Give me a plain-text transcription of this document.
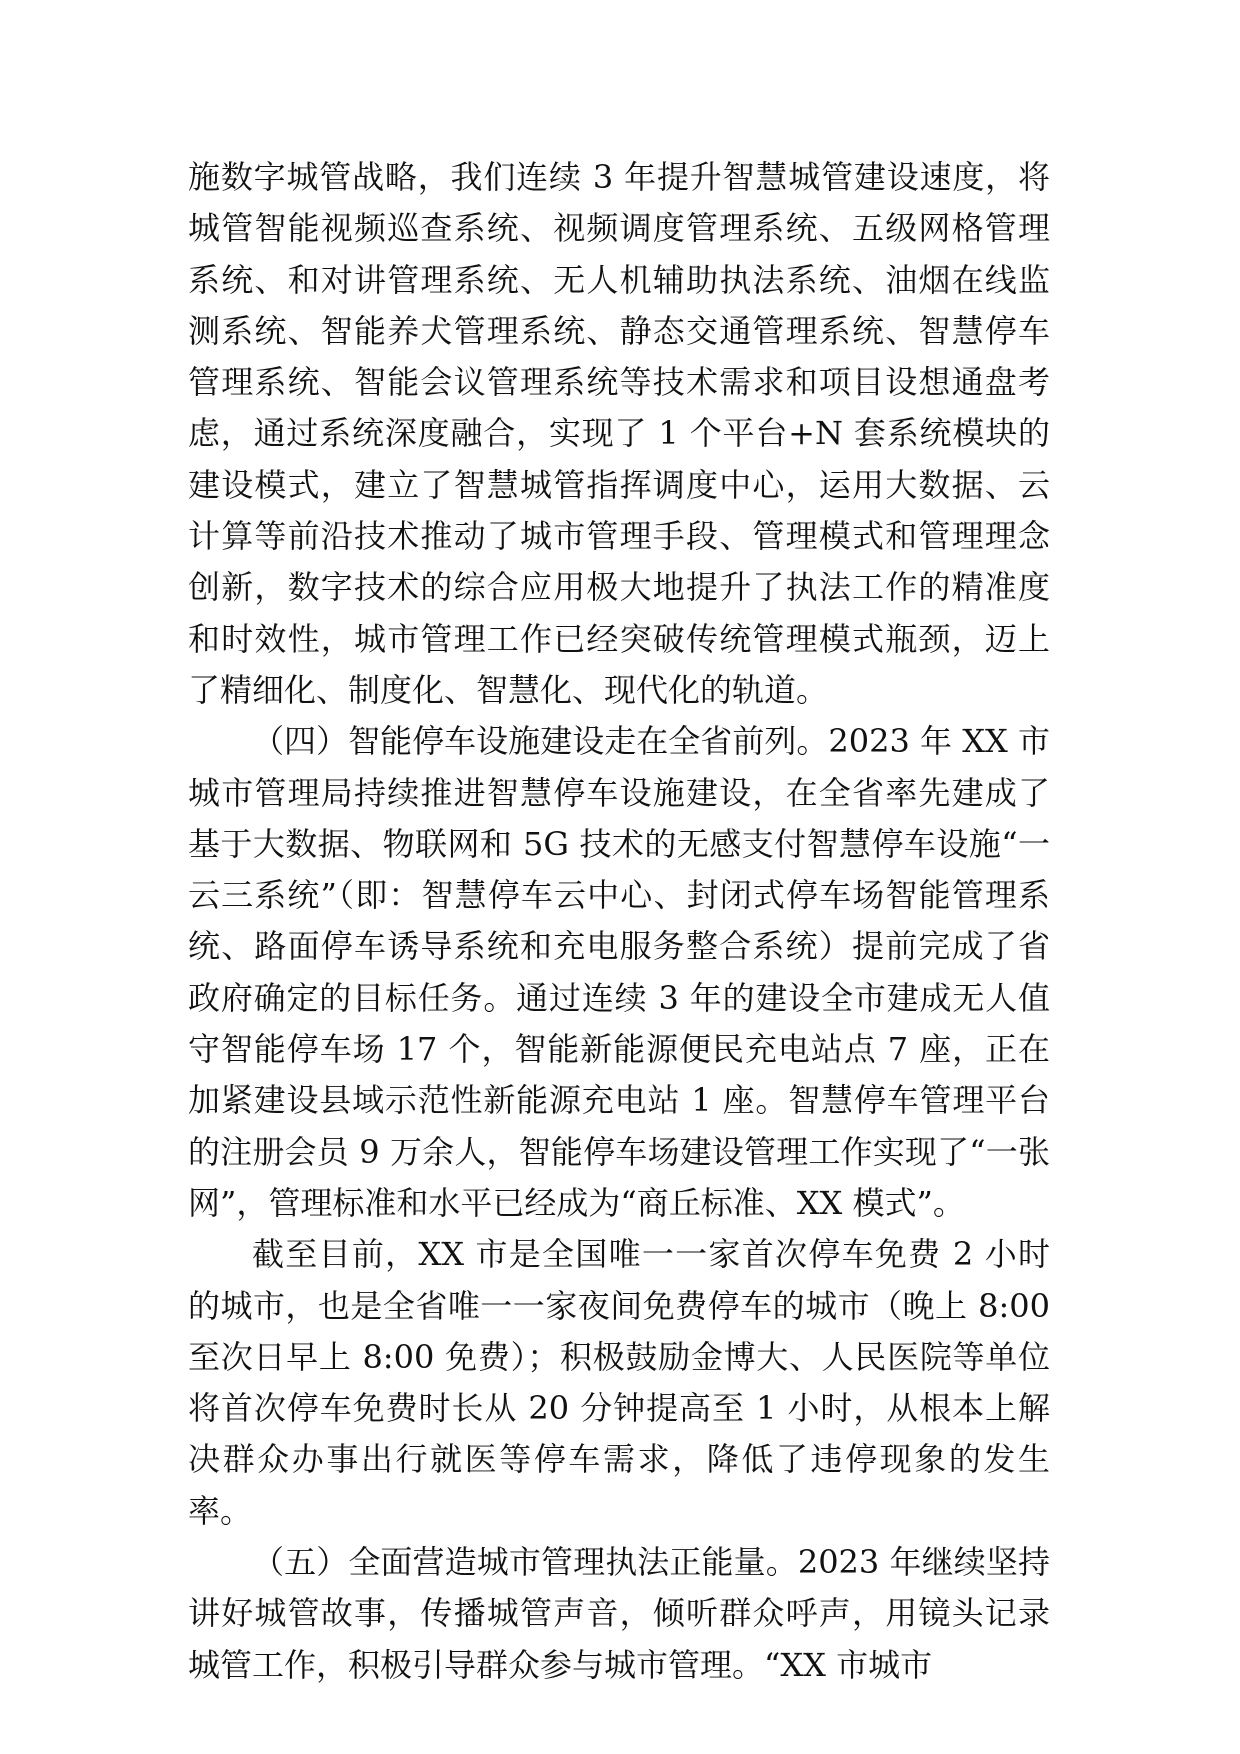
施数字城管战略，我们连续 3 年提升智慧城管建设速度，将城管智能视频巡查系统、视频调度管理系统、五级网格管理系统、和对讲管理系统、无人机辅助执法系统、油烟在线监测系统、智能养犬管理系统、静态交通管理系统、智慧停车管理系统、智能会议管理系统等技术需求和项目设想通盘考虑，通过系统深度融合，实现了 1 个平台+N 套系统模块的建设模式，建立了智慧城管指挥调度中心，运用大数据、云计算等前沿技术推动了城市管理手段、管理模式和管理理念创新，数字技术的综合应用极大地提升了执法工作的精准度和时效性，城市管理工作已经突破传统管理模式瓶颈，迈上了精细化、制度化、智慧化、现代化的轨道。

（四）智能停车设施建设走在全省前列。2023 年 XX 市城市管理局持续推进智慧停车设施建设，在全省率先建成了基于大数据、物联网和 5G 技术的无感支付智慧停车设施“一云三系统”（即：智慧停车云中心、封闭式停车场智能管理系统、路面停车诱导系统和充电服务整合系统）提前完成了省政府确定的目标任务。通过连续 3 年的建设全市建成无人值守智能停车场 17 个，智能新能源便民充电站点 7 座，正在加紧建设县域示范性新能源充电站 1 座。智慧停车管理平台的注册会员 9 万余人，智能停车场建设管理工作实现了“一张网”，管理标准和水平已经成为“商丘标准、XX 模式”。

截至目前，XX 市是全国唯一一家首次停车免费 2 小时的城市，也是全省唯一一家夜间免费停车的城市（晚上 8:00 至次日早上 8:00 免费）；积极鼓励金博大、人民医院等单位将首次停车免费时长从 20 分钟提高至 1 小时，从根本上解决群众办事出行就医等停车需求，降低了违停现象的发生率。

（五）全面营造城市管理执法正能量。2023 年继续坚持讲好城管故事，传播城管声音，倾听群众呼声，用镜头记录城管工作，积极引导群众参与城市管理。“XX 市城市
